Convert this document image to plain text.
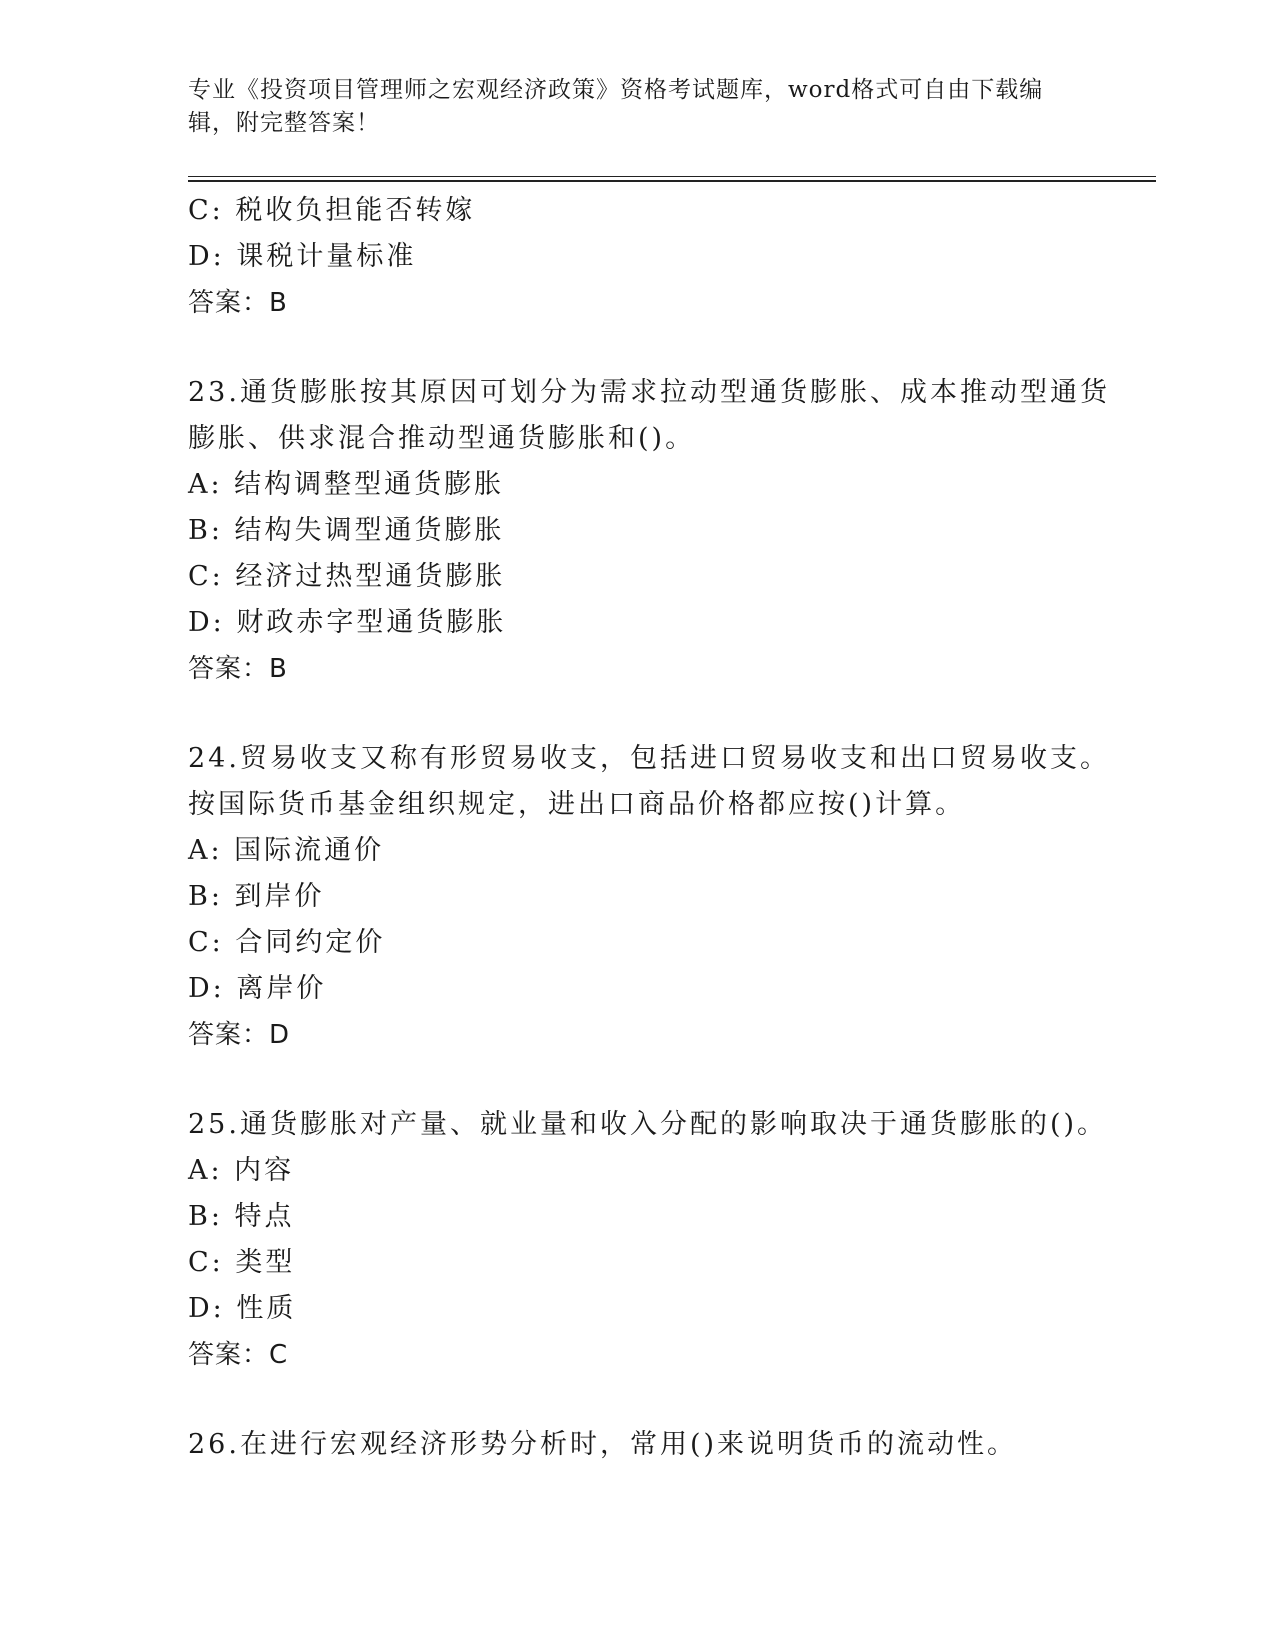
专业《投资项目管理师之宏观经济政策》资格考试题库，word格式可自由下载编辑，附完整答案！
C: 税收负担能否转嫁
D: 课税计量标准
答案：B
23.通货膨胀按其原因可划分为需求拉动型通货膨胀、成本推动型通货
膨胀、供求混合推动型通货膨胀和()。
A: 结构调整型通货膨胀
B: 结构失调型通货膨胀
C: 经济过热型通货膨胀
D: 财政赤字型通货膨胀
答案：B
24.贸易收支又称有形贸易收支，包括进口贸易收支和出口贸易收支。
按国际货币基金组织规定，进出口商品价格都应按()计算。
A: 国际流通价
B: 到岸价
C: 合同约定价
D: 离岸价
答案：D
25.通货膨胀对产量、就业量和收入分配的影响取决于通货膨胀的()。
A: 内容
B: 特点
C: 类型
D: 性质
答案：C
26.在进行宏观经济形势分析时，常用()来说明货币的流动性。
